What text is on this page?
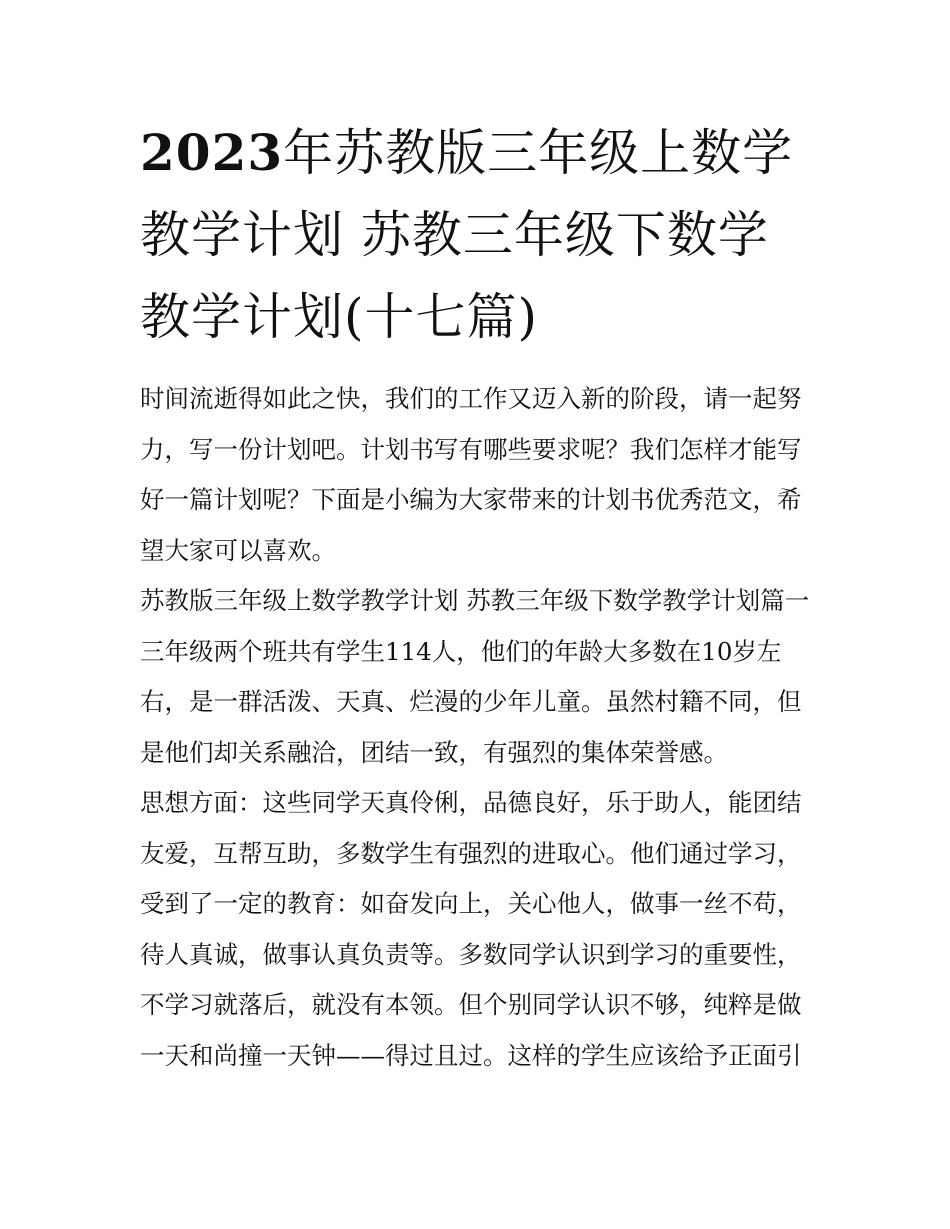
2023年苏教版三年级上数学教学计划 苏教三年级下数学教学计划(十七篇)

时间流逝得如此之快，我们的工作又迈入新的阶段，请一起努力，写一份计划吧。计划书写有哪些要求呢？我们怎样才能写好一篇计划呢？下面是小编为大家带来的计划书优秀范文，希望大家可以喜欢。

苏教版三年级上数学教学计划 苏教三年级下数学教学计划篇一

三年级两个班共有学生114人，他们的年龄大多数在10岁左右，是一群活泼、天真、烂漫的少年儿童。虽然村籍不同，但是他们却关系融洽，团结一致，有强烈的集体荣誉感。

思想方面：这些同学天真伶俐，品德良好，乐于助人，能团结友爱，互帮互助，多数学生有强烈的进取心。他们通过学习，受到了一定的教育：如奋发向上，关心他人，做事一丝不苟，待人真诚，做事认真负责等。多数同学认识到学习的重要性，不学习就落后，就没有本领。但个别同学认识不够，纯粹是做一天和尚撞一天钟——得过且过。这样的学生应该给予正面引
